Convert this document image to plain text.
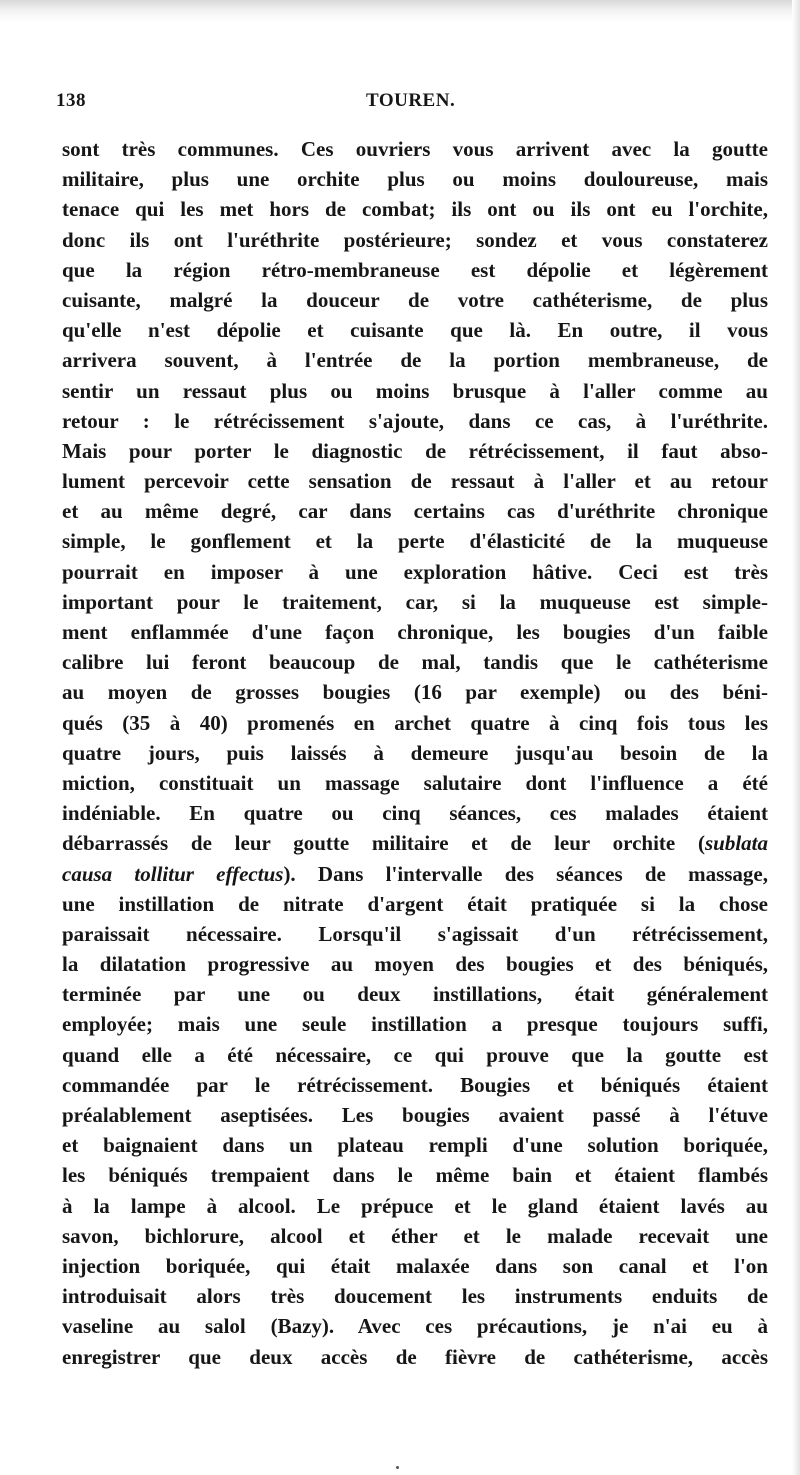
138	TOUREN.
sont très communes. Ces ouvriers vous arrivent avec la goutte
militaire, plus une orchite plus ou moins douloureuse, mais
tenace qui les met hors de combat; ils ont ou ils ont eu l'orchite,
donc ils ont l'uréthrite postérieure; sondez et vous constaterez
que la région rétro-membraneuse est dépolie et légèrement
cuisante, malgré la douceur de votre cathéterisme, de plus
qu'elle n'est dépolie et cuisante que là. En outre, il vous
arrivera souvent, à l'entrée de la portion membraneuse, de
sentir un ressaut plus ou moins brusque à l'aller comme au
retour : le rétrécissement s'ajoute, dans ce cas, à l'uréthrite.
Mais pour porter le diagnostic de rétrécissement, il faut abso-
lument percevoir cette sensation de ressaut à l'aller et au retour
et au même degré, car dans certains cas d'uréthrite chronique
simple, le gonflement et la perte d'élasticité de la muqueuse
pourrait en imposer à une exploration hâtive. Ceci est très
important pour le traitement, car, si la muqueuse est simple-
ment enflammée d'une façon chronique, les bougies d'un faible
calibre lui feront beaucoup de mal, tandis que le cathéterisme
au moyen de grosses bougies (16 par exemple) ou des béni-
qués (35 à 40) promenés en archet quatre à cinq fois tous les
quatre jours, puis laissés à demeure jusqu'au besoin de la
miction, constituait un massage salutaire dont l'influence a été
indéniable. En quatre ou cinq séances, ces malades étaient
débarrassés de leur goutte militaire et de leur orchite (sublata
causa tollitur effectus). Dans l'intervalle des séances de massage,
une instillation de nitrate d'argent était pratiquée si la chose
paraissait nécessaire. Lorsqu'il s'agissait d'un rétrécissement,
la dilatation progressive au moyen des bougies et des béniqués,
terminée par une ou deux instillations, était généralement
employée; mais une seule instillation a presque toujours suffi,
quand elle a été nécessaire, ce qui prouve que la goutte est
commandée par le rétrécissement. Bougies et béniqués étaient
préalablement aseptisées. Les bougies avaient passé à l'étuve
et baignaient dans un plateau rempli d'une solution boriquée,
les béniqués trempaient dans le même bain et étaient flambés
à la lampe à alcool. Le prépuce et le gland étaient lavés au
savon, bichlorure, alcool et éther et le malade recevait une
injection boriquée, qui était malaxée dans son canal et l'on
introduisait alors très doucement les instruments enduits de
vaseline au salol (Bazy). Avec ces précautions, je n'ai eu à
enregistrer que deux accès de fièvre de cathéterisme, accès
